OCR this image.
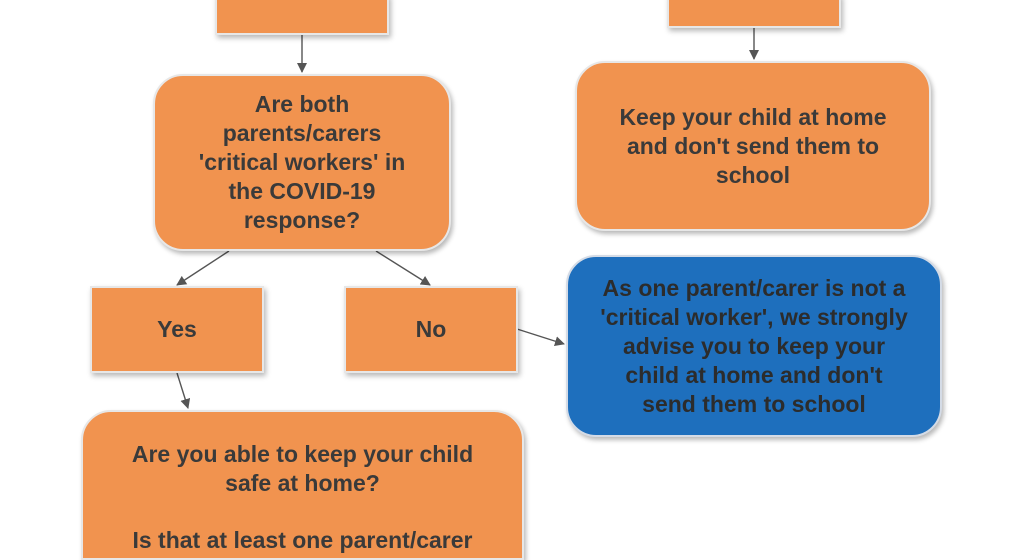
Are both
parents/carers
'critical workers' in
the COVID-19
response?
Keep your child at home
and don't send them to
school
Yes	No
As one parent/carer is not a
'critical worker', we strongly
advise you to keep your
child at home and don't
send them to school
Are you able to keep your child
safe at home?
Is that at least one parent/carer
